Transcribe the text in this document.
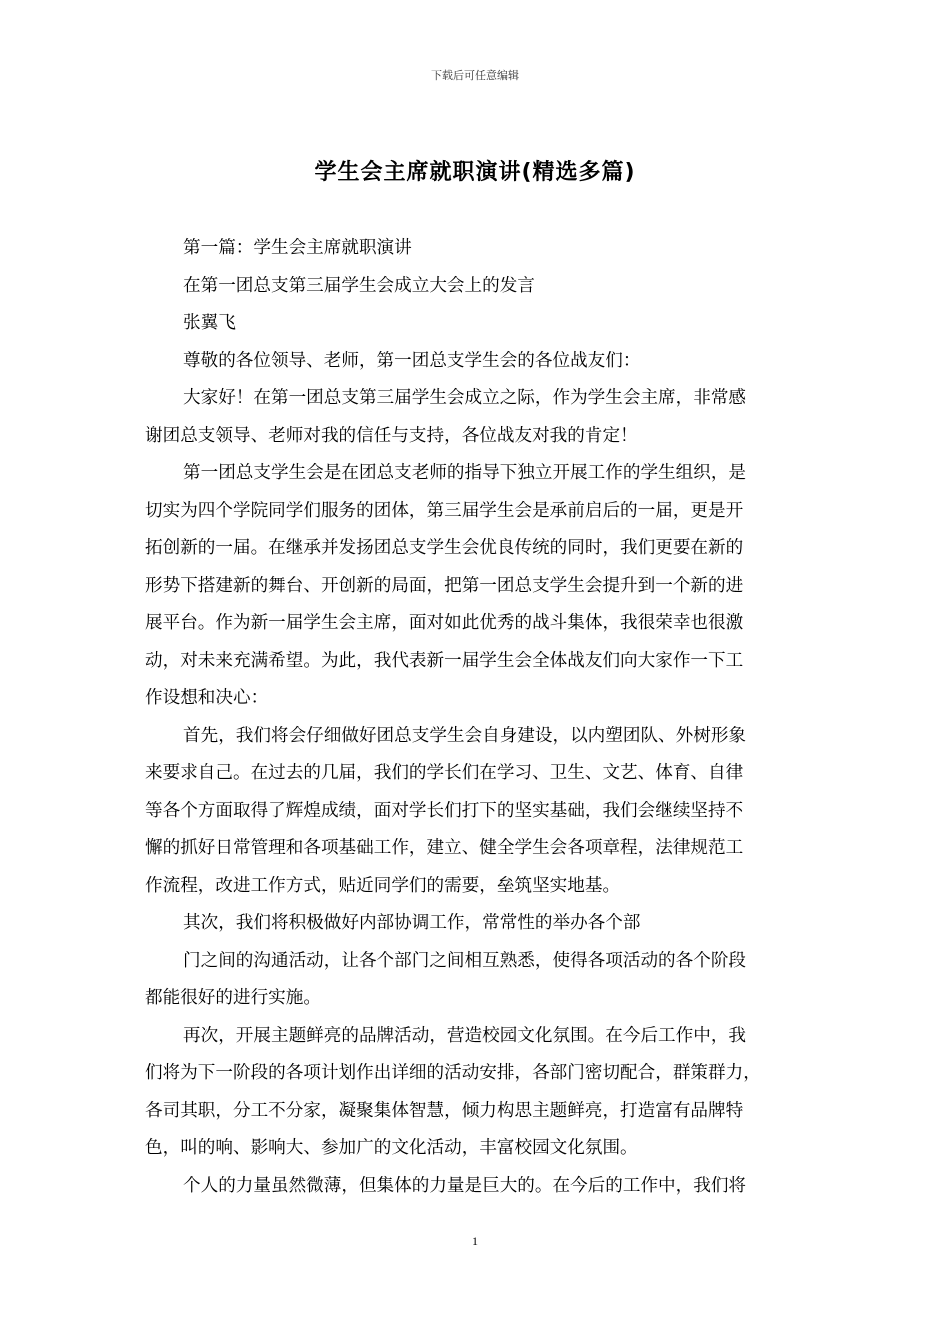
下载后可任意编辑
学生会主席就职演讲(精选多篇)
第一篇：学生会主席就职演讲
在第一团总支第三届学生会成立大会上的发言
张翼飞
尊敬的各位领导、老师，第一团总支学生会的各位战友们：
大家好！在第一团总支第三届学生会成立之际，作为学生会主席，非常感
谢团总支领导、老师对我的信任与支持，各位战友对我的肯定！
第一团总支学生会是在团总支老师的指导下独立开展工作的学生组织，是
切实为四个学院同学们服务的团体，第三届学生会是承前启后的一届，更是开
拓创新的一届。在继承并发扬团总支学生会优良传统的同时，我们更要在新的
形势下搭建新的舞台、开创新的局面，把第一团总支学生会提升到一个新的进
展平台。作为新一届学生会主席，面对如此优秀的战斗集体，我很荣幸也很激
动，对未来充满希望。为此，我代表新一届学生会全体战友们向大家作一下工
作设想和决心：
首先，我们将会仔细做好团总支学生会自身建设，以内塑团队、外树形象
来要求自己。在过去的几届，我们的学长们在学习、卫生、文艺、体育、自律
等各个方面取得了辉煌成绩，面对学长们打下的坚实基础，我们会继续坚持不
懈的抓好日常管理和各项基础工作，建立、健全学生会各项章程，法律规范工
作流程，改进工作方式，贴近同学们的需要，垒筑坚实地基。
其次，我们将积极做好内部协调工作，常常性的举办各个部
门之间的沟通活动，让各个部门之间相互熟悉，使得各项活动的各个阶段
都能很好的进行实施。
再次，开展主题鲜亮的品牌活动，营造校园文化氛围。在今后工作中，我
们将为下一阶段的各项计划作出详细的活动安排，各部门密切配合，群策群力，
各司其职，分工不分家，凝聚集体智慧，倾力构思主题鲜亮，打造富有品牌特
色，叫的响、影响大、参加广的文化活动，丰富校园文化氛围。
个人的力量虽然微薄，但集体的力量是巨大的。在今后的工作中，我们将
1
